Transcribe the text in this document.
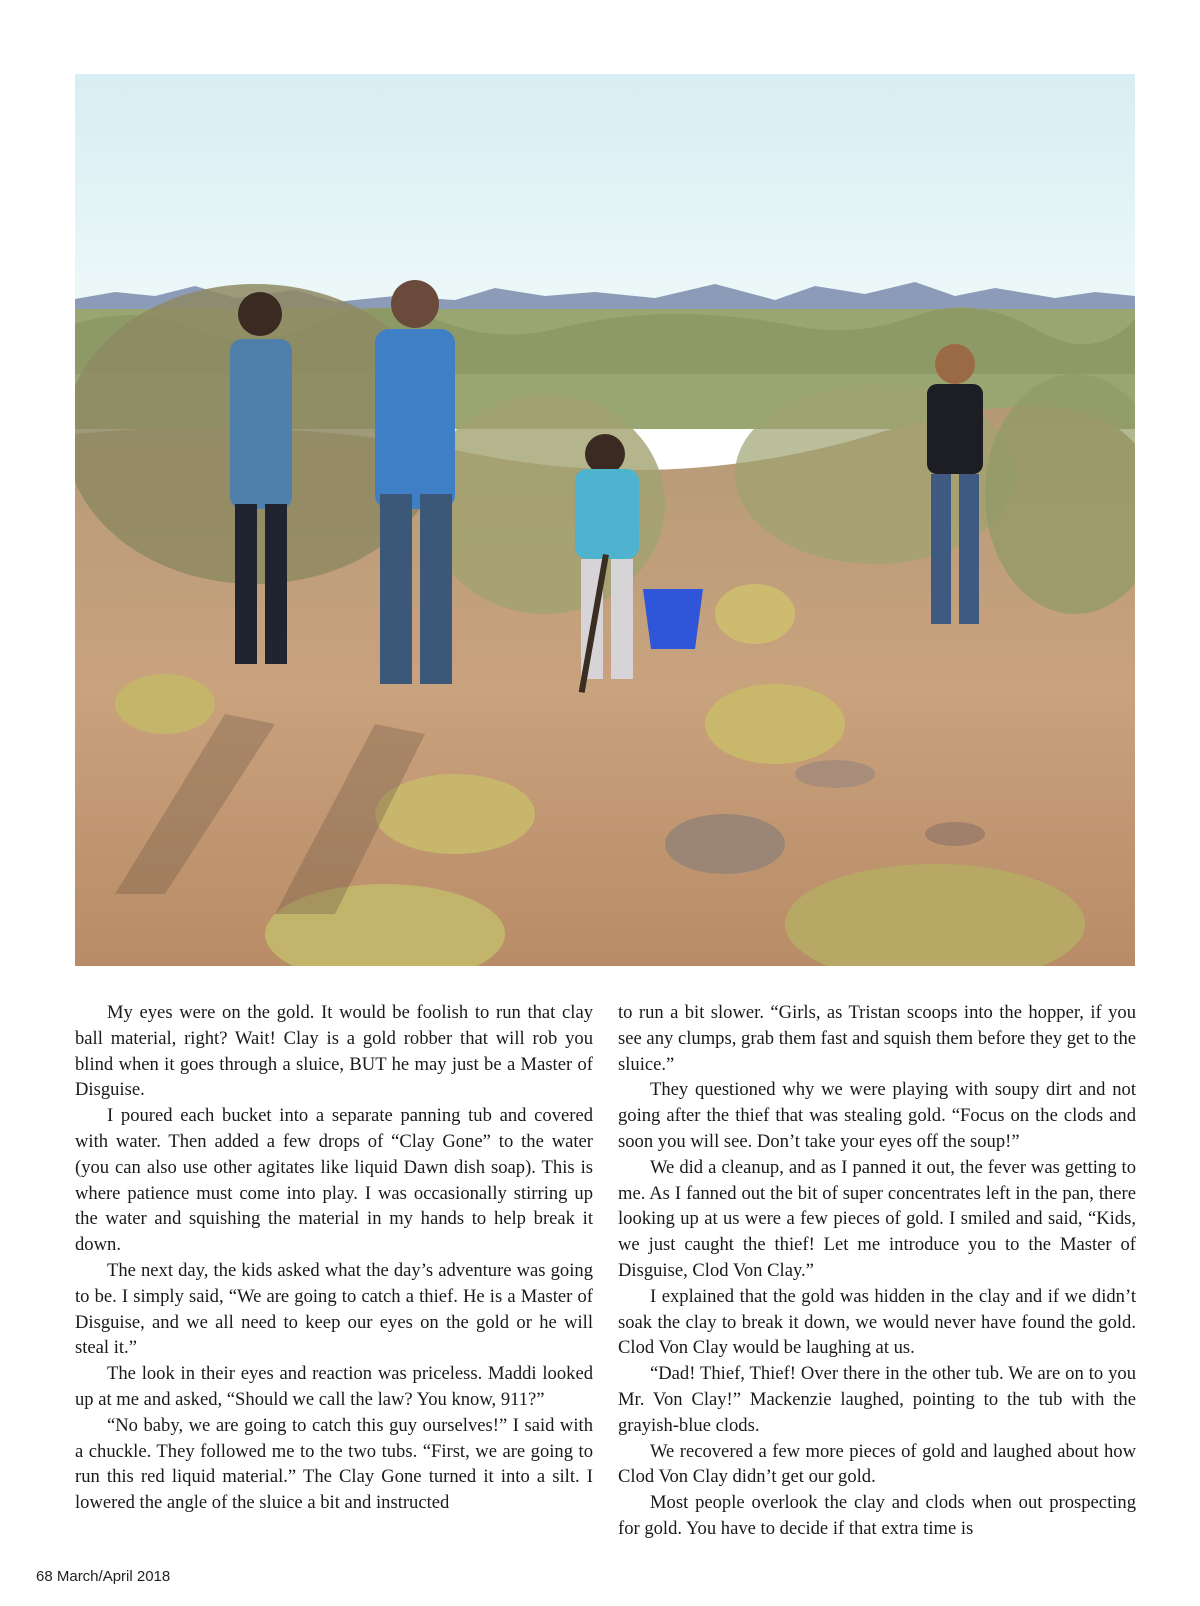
My eyes were on the gold. It would be foolish to run that clay ball material, right? Wait! Clay is a gold robber that will rob you blind when it goes through a sluice, BUT he may just be a Master of Disguise.

I poured each bucket into a separate panning tub and covered with water. Then added a few drops of “Clay Gone” to the water (you can also use other agitates like liquid Dawn dish soap). This is where patience must come into play. I was occasionally stirring up the water and squishing the material in my hands to help break it down.

The next day, the kids asked what the day’s adventure was going to be. I simply said, “We are going to catch a thief. He is a Master of Disguise, and we all need to keep our eyes on the gold or he will steal it.”

The look in their eyes and reaction was priceless. Maddi looked up at me and asked, “Should we call the law? You know, 911?”

“No baby, we are going to catch this guy ourselves!” I said with a chuckle. They followed me to the two tubs. “First, we are going to run this red liquid material.” The Clay Gone turned it into a silt. I lowered the angle of the sluice a bit and instructed

to run a bit slower. “Girls, as Tristan scoops into the hopper, if you see any clumps, grab them fast and squish them before they get to the sluice.”

They questioned why we were playing with soupy dirt and not going after the thief that was stealing gold. “Focus on the clods and soon you will see. Don’t take your eyes off the soup!”

We did a cleanup, and as I panned it out, the fever was getting to me. As I fanned out the bit of super concentrates left in the pan, there looking up at us were a few pieces of gold. I smiled and said, “Kids, we just caught the thief! Let me introduce you to the Master of Disguise, Clod Von Clay.”

I explained that the gold was hidden in the clay and if we didn’t soak the clay to break it down, we would never have found the gold. Clod Von Clay would be laughing at us.

“Dad! Thief, Thief! Over there in the other tub. We are on to you Mr. Von Clay!” Mackenzie laughed, pointing to the tub with the grayish-blue clods.

We recovered a few more pieces of gold and laughed about how Clod Von Clay didn’t get our gold.

Most people overlook the clay and clods when out prospecting for gold. You have to decide if that extra time is

68 March/April 2018
